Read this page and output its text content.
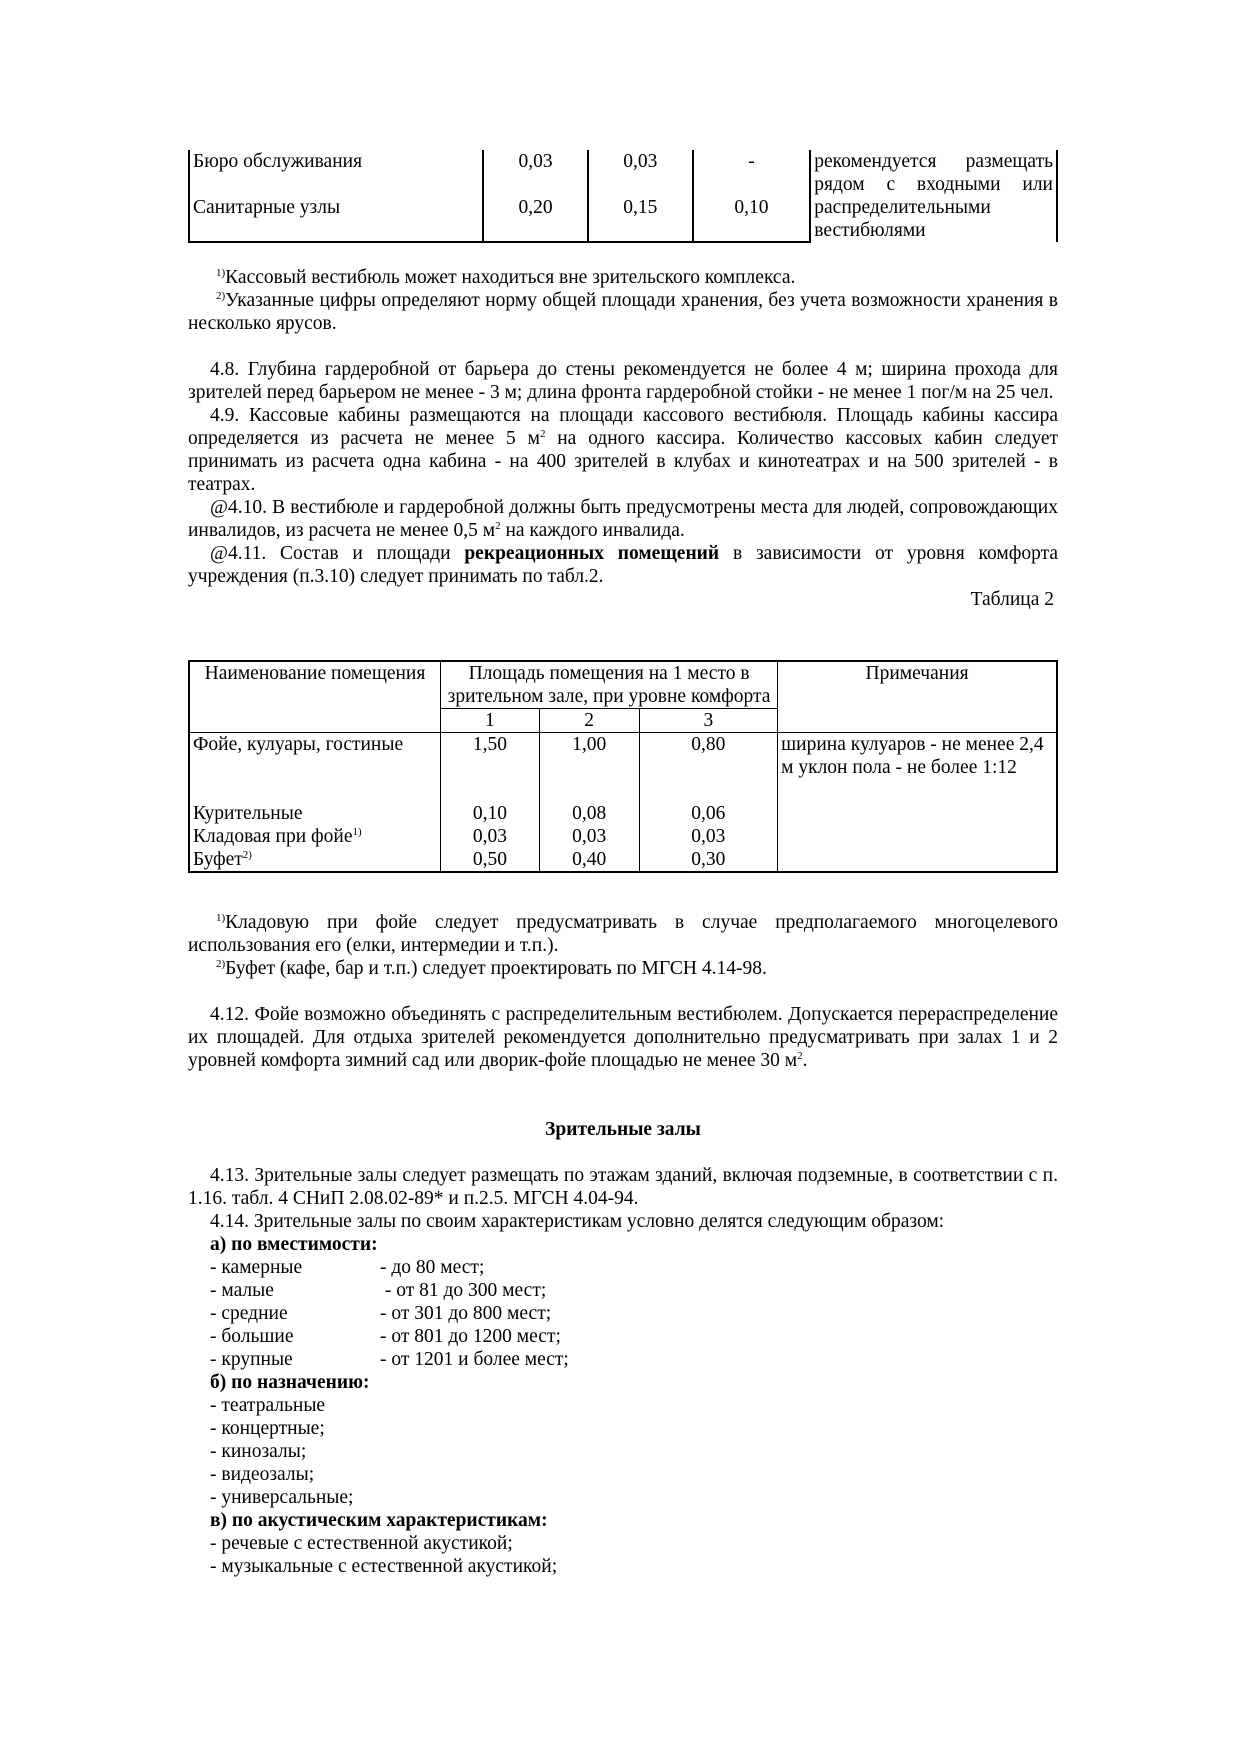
Бюро обслуживания	0,03	0,03	-	рекомендуется размещать рядом с входными или распределительными вестибюлями
Санитарные узлы	0,20	0,15	0,10	
$^{1)}$Кассовый вестибюль может находиться вне зрительского комплекса.
$^{2)}$Указанные цифры определяют норму общей площади хранения, без учета возможности хранения в несколько ярусов.
4.8. Глубина гардеробной от барьера до стены рекомендуется не более 4 м; ширина прохода для зрителей перед барьером не менее - 3 м; длина фронта гардеробной стойки - не менее 1 пог/м на 25 чел.
4.9. Кассовые кабины размещаются на площади кассового вестибюля. Площадь кабины кассира определяется из расчета не менее 5 $м^2$ на одного кассира. Количество кассовых кабин следует принимать из расчета одна кабина - на 400 зрителей в клубах и кинотеатрах и на 500 зрителей - в театрах.
@4.10. В вестибюле и гардеробной должны быть предусмотрены места для людей, сопровождающих инвалидов, из расчета не менее 0,5 $м^2$ на каждого инвалида.
@4.11. Состав и площади рекреационных помещений в зависимости от уровня комфорта учреждения (п.3.10) следует принимать по табл.2.
Таблица 2
Наименование помещения	Площадь помещения на 1 место в зрительном зале, при уровне комфорта			Примечания
	1	2	3	
Фойе, кулуары, гостиные	1,50	1,00	0,80	ширина кулуаров - не менее 2,4 м уклон пола - не более 1:12
Курительные	0,10	0,08	0,06	
Кладовая при фойе$^{1)}$	0,03	0,03	0,03	
Буфет$^{2)}$	0,50	0,40	0,30	
$^{1)}$Кладовую при фойе следует предусматривать в случае предполагаемого многоцелевого использования его (елки, интермедии и т.п.).
$^{2)}$Буфет (кафе, бар и т.п.) следует проектировать по МГСН 4.14-98.
4.12. Фойе возможно объединять с распределительным вестибюлем. Допускается перераспределение их площадей. Для отдыха зрителей рекомендуется дополнительно предусматривать при залах 1 и 2 уровней комфорта зимний сад или дворик-фойе площадью не менее 30 $м^2$.
Зрительные залы
4.13. Зрительные залы следует размещать по этажам зданий, включая подземные, в соответствии с п. 1.16. табл. 4 СНиП 2.08.02-89* и п.2.5. МГСН 4.04-94.
4.14. Зрительные залы по своим характеристикам условно делятся следующим образом:
а) по вместимости:
- камерные	- до 80 мест;
- малые	- от 81 до 300 мест;
- средние	- от 301 до 800 мест;
- большие	- от 801 до 1200 мест;
- крупные	- от 1201 и более мест;
б) по назначению:
- театральные
- концертные;
- кинозалы;
- видеозалы;
- универсальные;
в) по акустическим характеристикам:
- речевые с естественной акустикой;
- музыкальные с естественной акустикой;
